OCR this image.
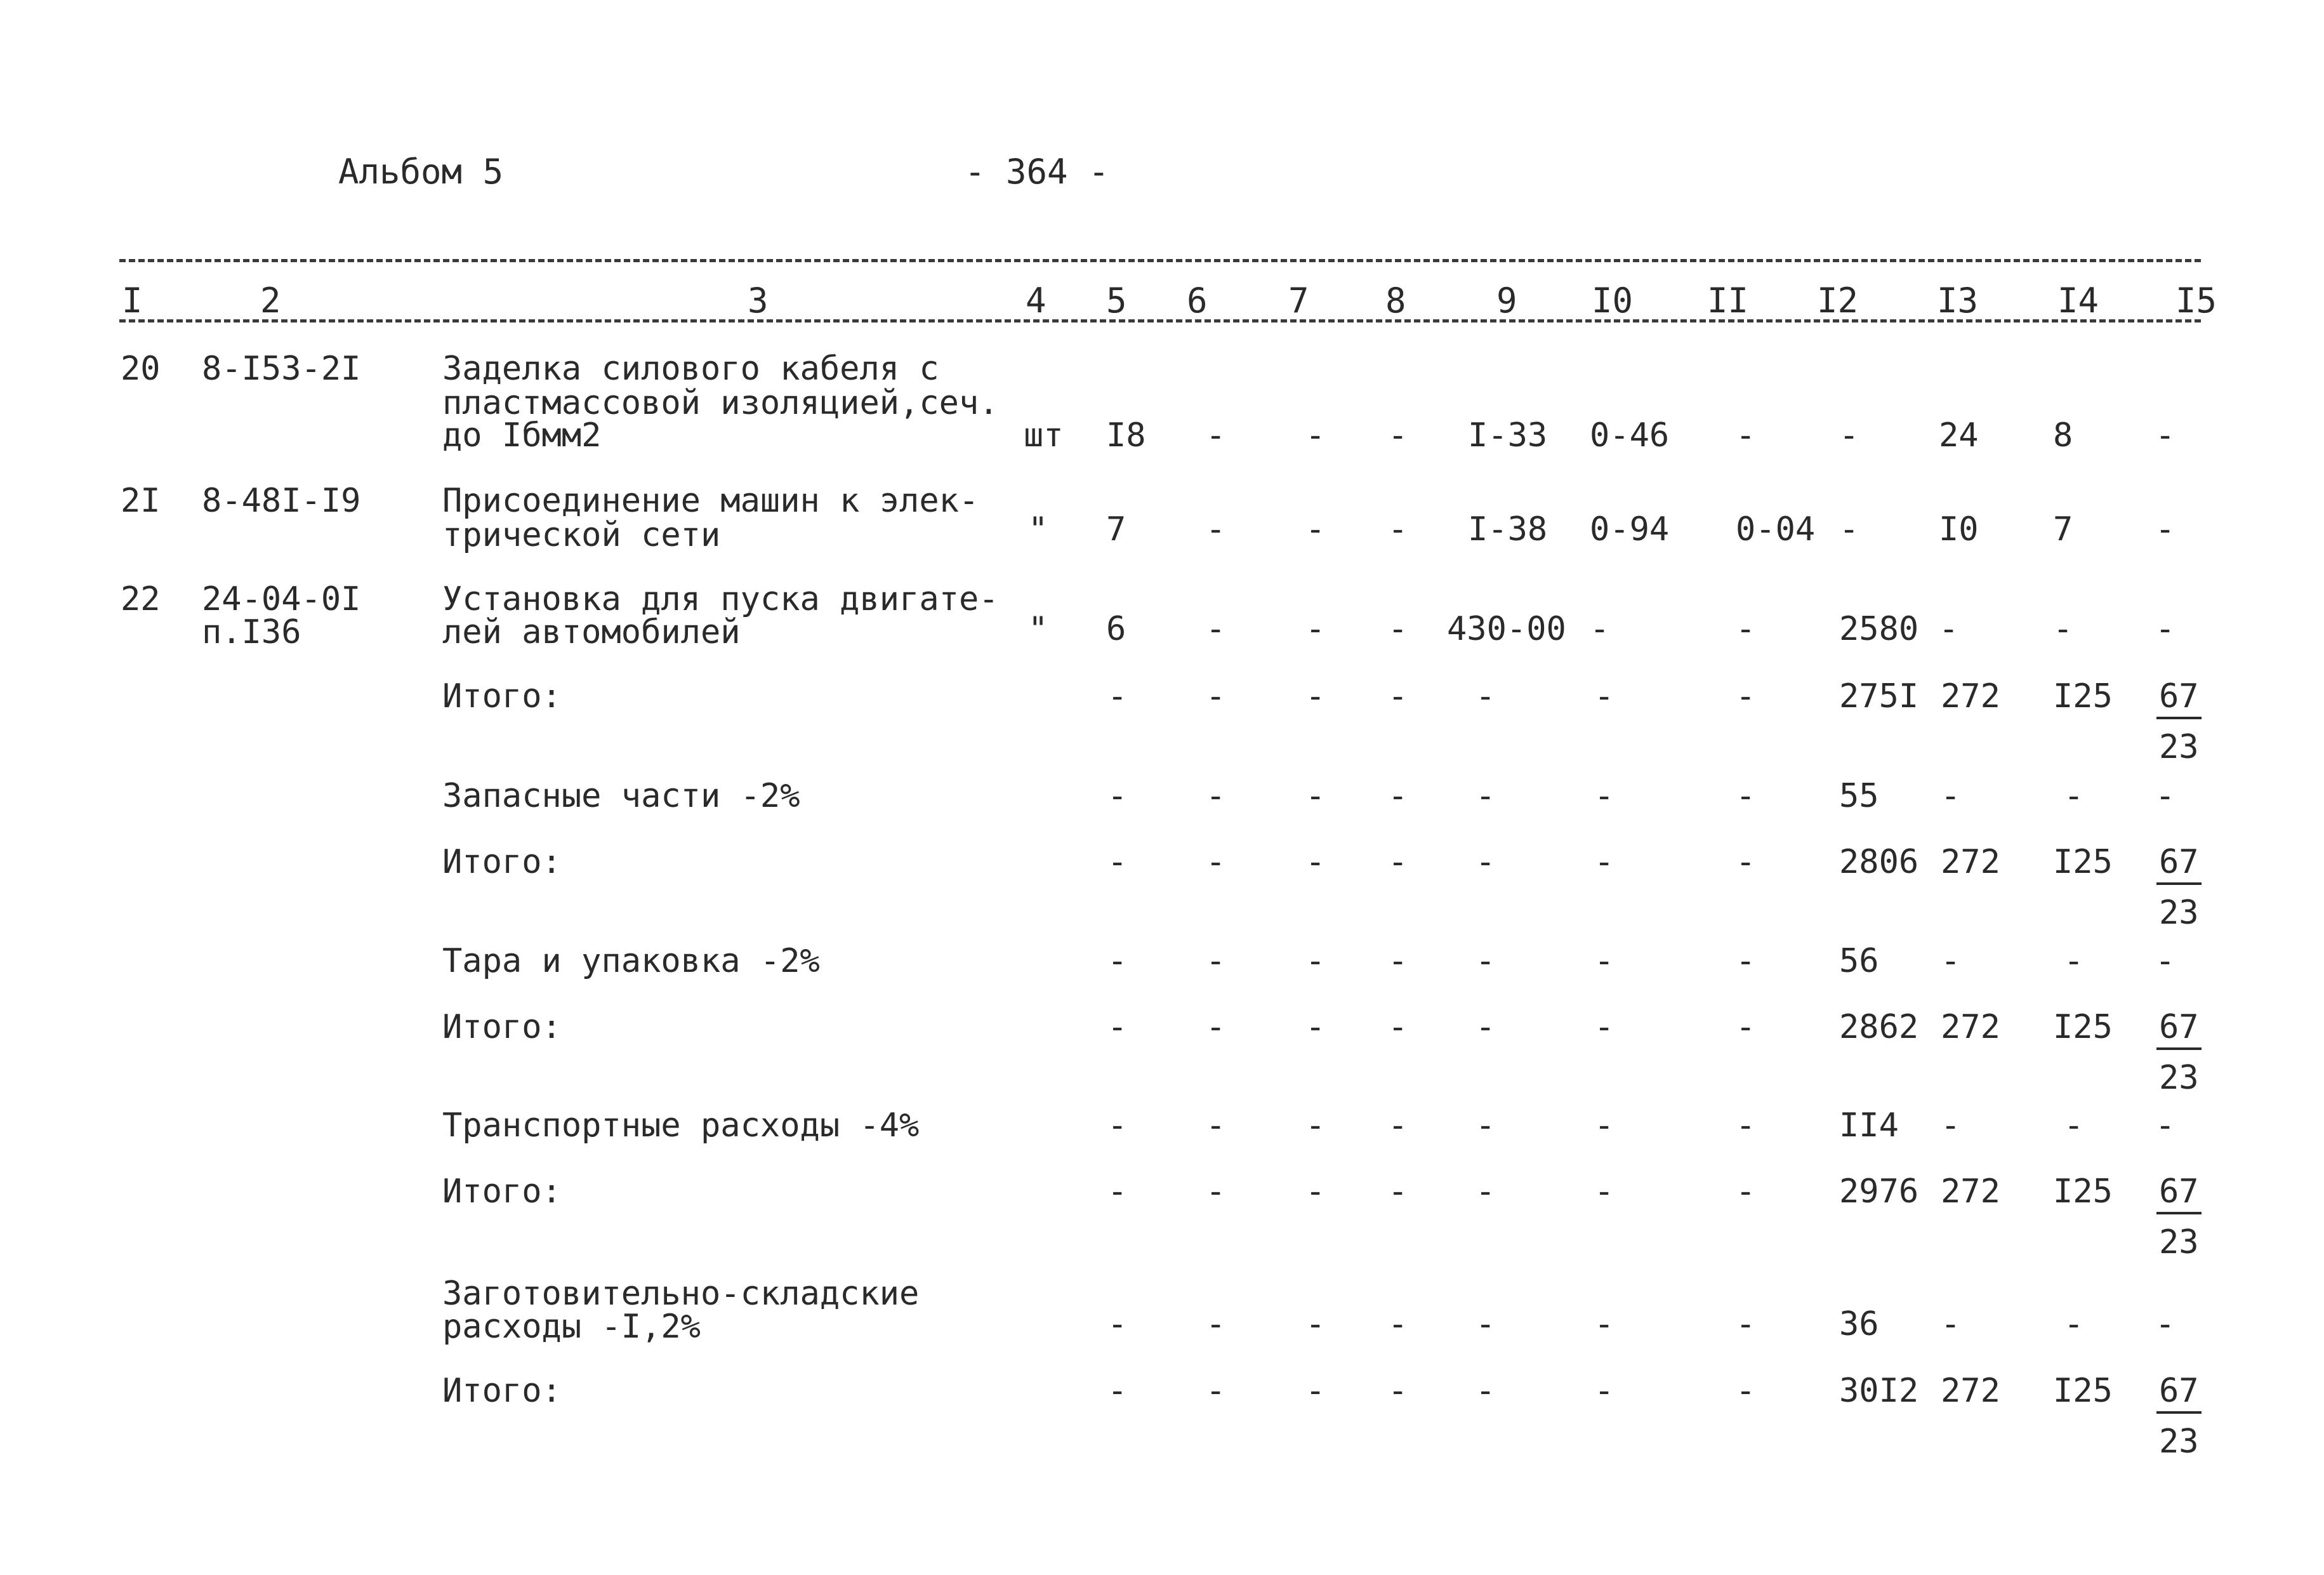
Альбом 5	- 364 -
I	2	3	4 5 6 7 8	9 I0 II I2 I3 I4 I5
20 8-I53-2I Заделка силового кабеля с
пластмассовой изоляцией,сеч.
до Iбмм2	шт I8 - - - I-33 0-46 -	- 24 8 -
2I 8-48I-I9 Присоединение машин к элек-
трической сети	" 7 - - - I-38 0-94 0-04 - I0 7 -
22 24-04-0I
п.I36
Установка для пуска двигате-
лей автомобилей	" 6 - - - 430-00 -	-	2580 -	- -
Итого:	- - - - -	-	-	275I 272 $I25 \frac{67}{23}$
Запасные части -2%	- - - - -	-	-	55 -	- -
Итого:	- - - - -	-	-	2806 272 $I25 \frac{67}{23}$
Тара и упаковка -2%	- - - - -	-	-	56 -	- -
Итого:	- - - - -	-	-	2862 272 $I25 \frac{67}{23}$
Транспортные расходы -4%	- - - - -	-	-	II4 -	- -
Итого:	- - - - -	-	-	2976 272 $I25 \frac{67}{23}$
Заготовительно-складские
расходы -I,2%	- - - - -	-	-	36 -	- -
Итого:	- - - - -	-	-	30I2 272 $I25 \frac{67}{23}$
